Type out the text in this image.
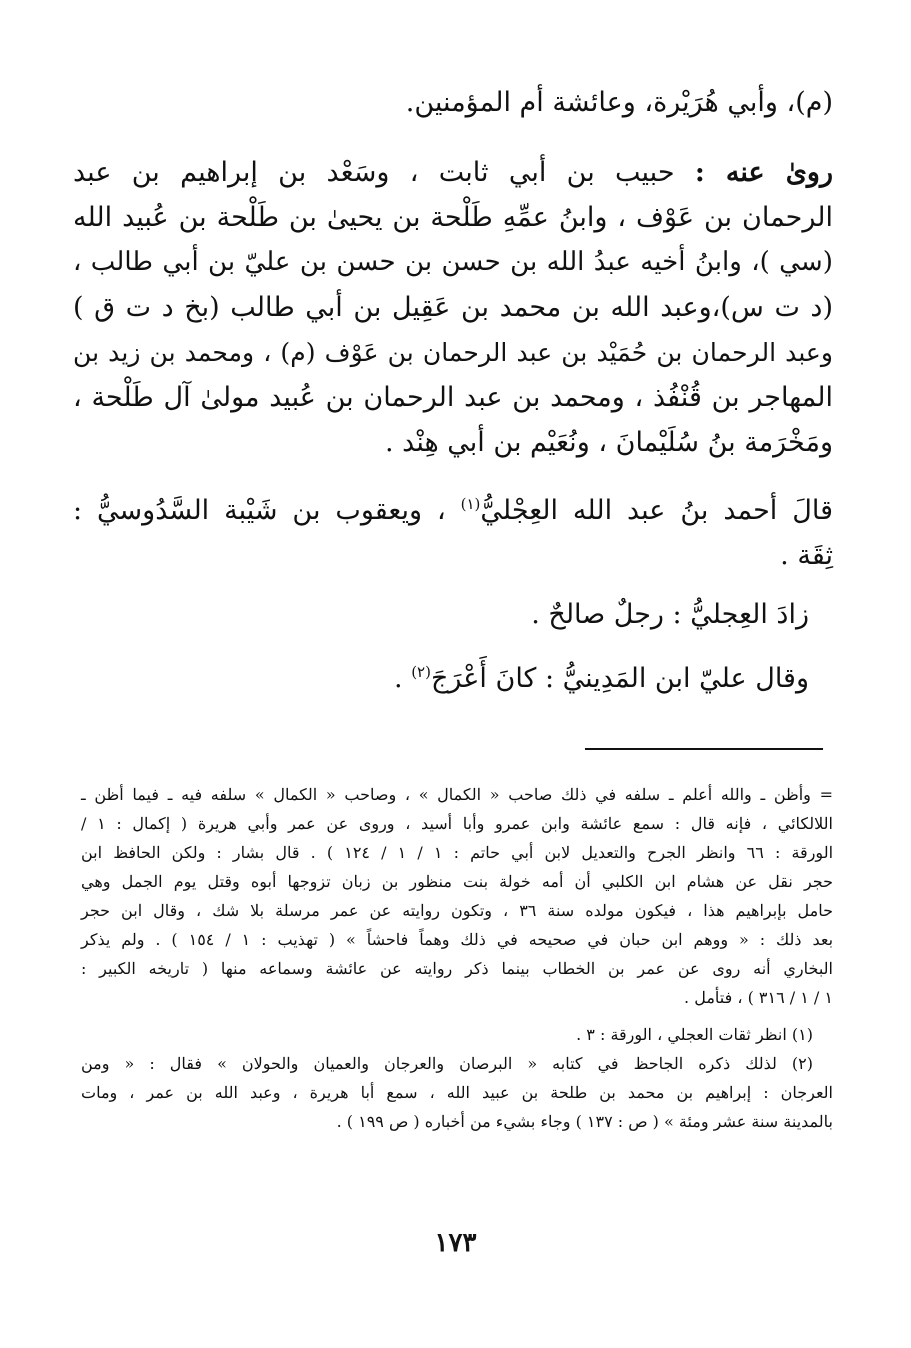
(م)، وأبي هُرَيْرة، وعائشة أم المؤمنين.
روىٰ عنه : حبيب بن أبي ثابت ، وسَعْد بن إبراهيم بن عبد
الرحمان بن عَوْف ، وابنُ عمِّهِ طَلْحة بن يحيىٰ بن طَلْحة بن عُبيد الله
(سي )، وابنُ أخيه عبدُ الله بن حسن بن حسن بن عليّ بن أبي طالب ،
(د ت س)،وعبد الله بن محمد بن عَقِيل بن أبي طالب (بخ د ت ق )
وعبد الرحمان بن حُمَيْد بن عبد الرحمان بن عَوْف (م) ، ومحمد بن زيد بن
المهاجر بن قُنْفُذ ، ومحمد بن عبد الرحمان بن عُبيد مولىٰ آل طَلْحة ،
ومَخْرَمة بنُ سُلَيْمانَ ، ونُعَيْم بن أبي هِنْد .
قالَ أحمد بنُ عبد الله العِجْليُّ$^{(١)}$ ، ويعقوب بن شَيْبة السَّدُوسيُّ :
ثِقَة .
زادَ العِجليُّ : رجلٌ صالحٌ .
وقال عليّ ابن المَدِينيُّ : كانَ أَعْرَجَ$^{(٢)}$ .
= وأظن ـ والله أعلم ـ سلفه في ذلك صاحب « الكمال » ، وصاحب « الكمال » سلفه فيه ـ فيما أظن ـ
اللالكائي ، فإنه قال : سمع عائشة وابن عمرو وأبا أسيد ، وروى عن عمر وأبي هريرة ( إكمال : ١ /
الورقة : ٦٦ وانظر الجرح والتعديل لابن أبي حاتم : ١ / ١ / ١٢٤ ) . قال بشار : ولكن الحافظ ابن
حجر نقل عن هشام ابن الكلبي أن أمه خولة بنت منظور بن زبان تزوجها أبوه وقتل يوم الجمل وهي
حامل بإبراهيم هذا ، فيكون مولده سنة ٣٦ ، وتكون روايته عن عمر مرسلة بلا شك ، وقال ابن حجر
بعد ذلك : « ووهم ابن حبان في صحيحه في ذلك وهماً فاحشاً » ( تهذيب : ١ / ١٥٤ ) . ولم يذكر
البخاري أنه روى عن عمر بن الخطاب بينما ذكر روايته عن عائشة وسماعه منها ( تاريخه الكبير :
١ / ١ / ٣١٦ ) ، فتأمل .
(١) انظر ثقات العجلي ، الورقة : ٣ .
(٢) لذلك ذكره الجاحظ في كتابه « البرصان والعرجان والعميان والحولان » فقال : « ومن
العرجان : إبراهيم بن محمد بن طلحة بن عبيد الله ، سمع أبا هريرة ، وعبد الله بن عمر ، ومات
بالمدينة سنة عشر ومئة » ( ص : ١٣٧ ) وجاء بشيء من أخباره ( ص ١٩٩ ) .
١٧٣
